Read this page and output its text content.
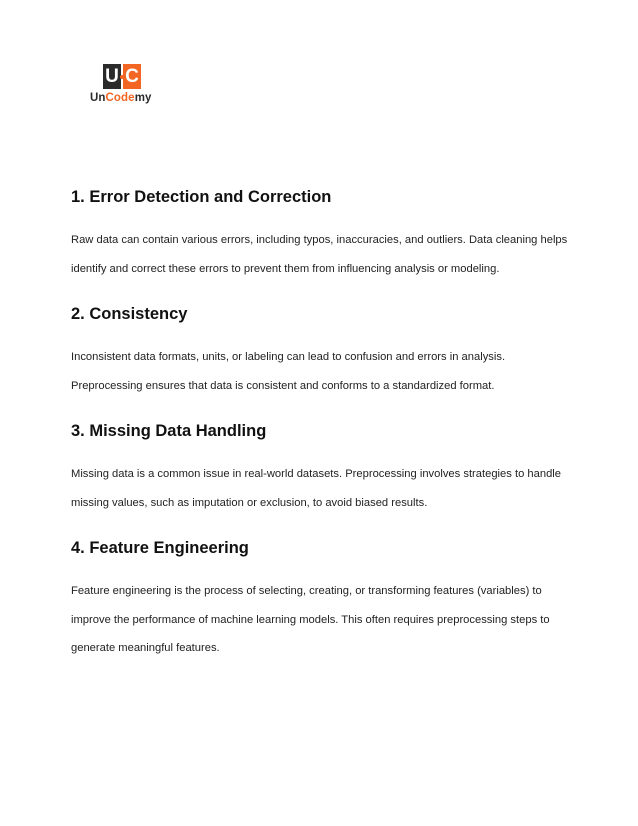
U C
UnCodemy
1. Error Detection and Correction

Raw data can contain various errors, including typos, inaccuracies, and outliers. Data cleaning helps
identify and correct these errors to prevent them from influencing analysis or modeling.

2. Consistency

Inconsistent data formats, units, or labeling can lead to confusion and errors in analysis.
Preprocessing ensures that data is consistent and conforms to a standardized format.

3. Missing Data Handling

Missing data is a common issue in real-world datasets. Preprocessing involves strategies to handle
missing values, such as imputation or exclusion, to avoid biased results.

4. Feature Engineering

Feature engineering is the process of selecting, creating, or transforming features (variables) to
improve the performance of machine learning models. This often requires preprocessing steps to
generate meaningful features.
